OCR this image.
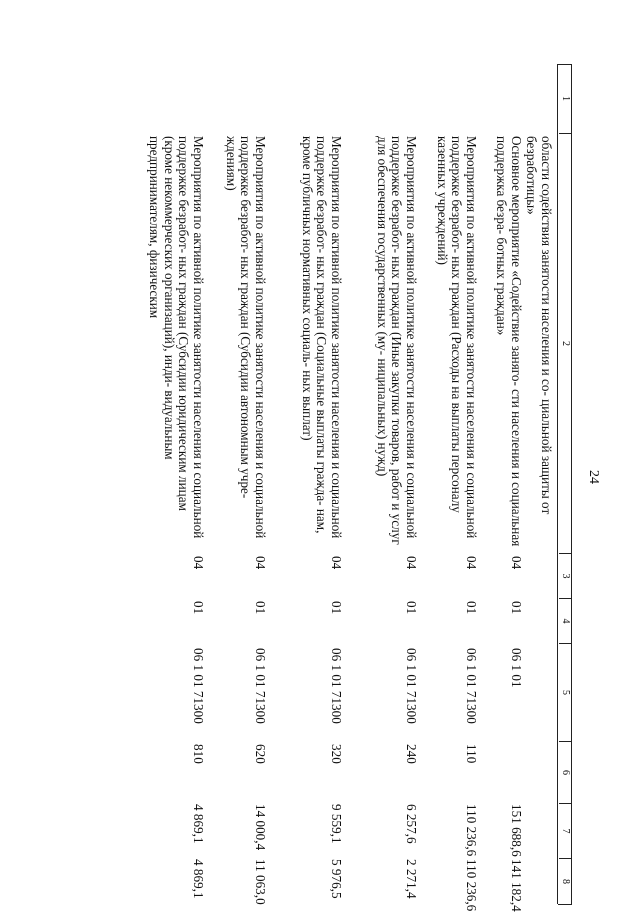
24
1
2
3
4
5
6
7
8
области содействия занятости населения и со- циальной защиты от безработицы»
Основное мероприятие «Содействие заняго- сти населения и социальная поддержка безра- ботных граждан»
04
01
06 1 01
151 688,6
141 182,4
Мероприятия по активной политике занятости населения и социальной поддержке безработ- ных граждан (Расходы на выплаты персоналу казенных учреждений)
04
01
06 1 01 71300
110
110 236,6
110 236,6
Мероприятия по активной политике занятости населения и социальной поддержке безработ- ных граждан (Иные закупки товаров, работ и услуг для обеспечения государственных (му- ниципальных) нужд)
04
01
06 1 01 71300
240
6 257,6
2 271,4
Мероприятия по активной политике занятости населения и социальной поддержке безработ- ных граждан (Социальные выплаты гражда- нам, кроме публичных нормативных социаль- ных выплат)
04
01
06 1 01 71300
320
9 559,1
5 976,5
Мероприятия по активной политике занятости населения и социальной поддержке безработ- ных граждан (Субсидии автономным учре- ждениям)
04
01
06 1 01 71300
620
14 000,4
11 063,0
Мероприятия по активной политике занятости населения и социальной поддержке безработ- ных граждан (Субсидии юридическим лицам (кроме некоммерческих организаций), инди- видуальным предпринимателям, физическим
04
01
06 1 01 71300
810
4 869,1
4 869,1
